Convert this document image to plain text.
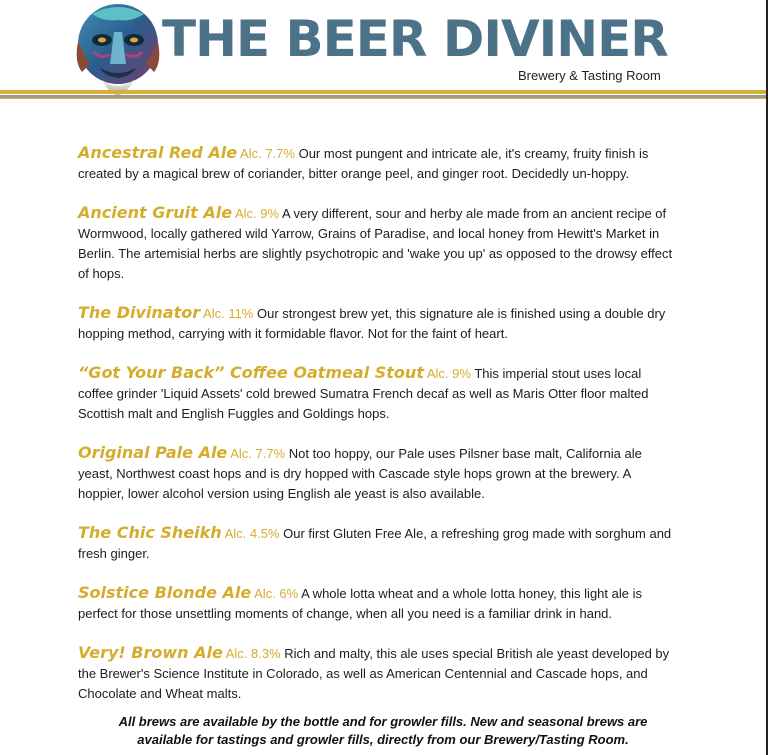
THE BEER DIVINER
Brewery & Tasting Room
Ancestral Red Ale Alc. 7.7% Our most pungent and intricate ale, it's creamy, fruity finish is created by a magical brew of coriander, bitter orange peel, and ginger root. Decidedly un-hoppy.
Ancient Gruit Ale Alc. 9% A very different, sour and herby ale made from an ancient recipe of Wormwood, locally gathered wild Yarrow, Grains of Paradise, and local honey from Hewitt's Market in Berlin. The artemisial herbs are slightly psychotropic and 'wake you up' as opposed to the drowsy effect of hops.
The Divinator Alc. 11% Our strongest brew yet, this signature ale is finished using a double dry hopping method, carrying with it formidable flavor. Not for the faint of heart.
“Got Your Back” Coffee Oatmeal Stout Alc. 9% This imperial stout uses local coffee grinder 'Liquid Assets' cold brewed Sumatra French decaf as well as Maris Otter floor malted Scottish malt and English Fuggles and Goldings hops.
Original Pale Ale Alc. 7.7% Not too hoppy, our Pale uses Pilsner base malt, California ale yeast, Northwest coast hops and is dry hopped with Cascade style hops grown at the brewery. A hoppier, lower alcohol version using English ale yeast is also available.
The Chic Sheikh Alc. 4.5% Our first Gluten Free Ale, a refreshing grog made with sorghum and fresh ginger.
Solstice Blonde Ale Alc. 6% A whole lotta wheat and a whole lotta honey, this light ale is perfect for those unsettling moments of change, when all you need is a familiar drink in hand.
Very! Brown Ale Alc. 8.3% Rich and malty, this ale uses special British ale yeast developed by the Brewer's Science Institute in Colorado, as well as American Centennial and Cascade hops, and Chocolate and Wheat malts.
All brews are available by the bottle and for growler fills. New and seasonal brews are
available for tastings and growler fills, directly from our Brewery/Tasting Room.
